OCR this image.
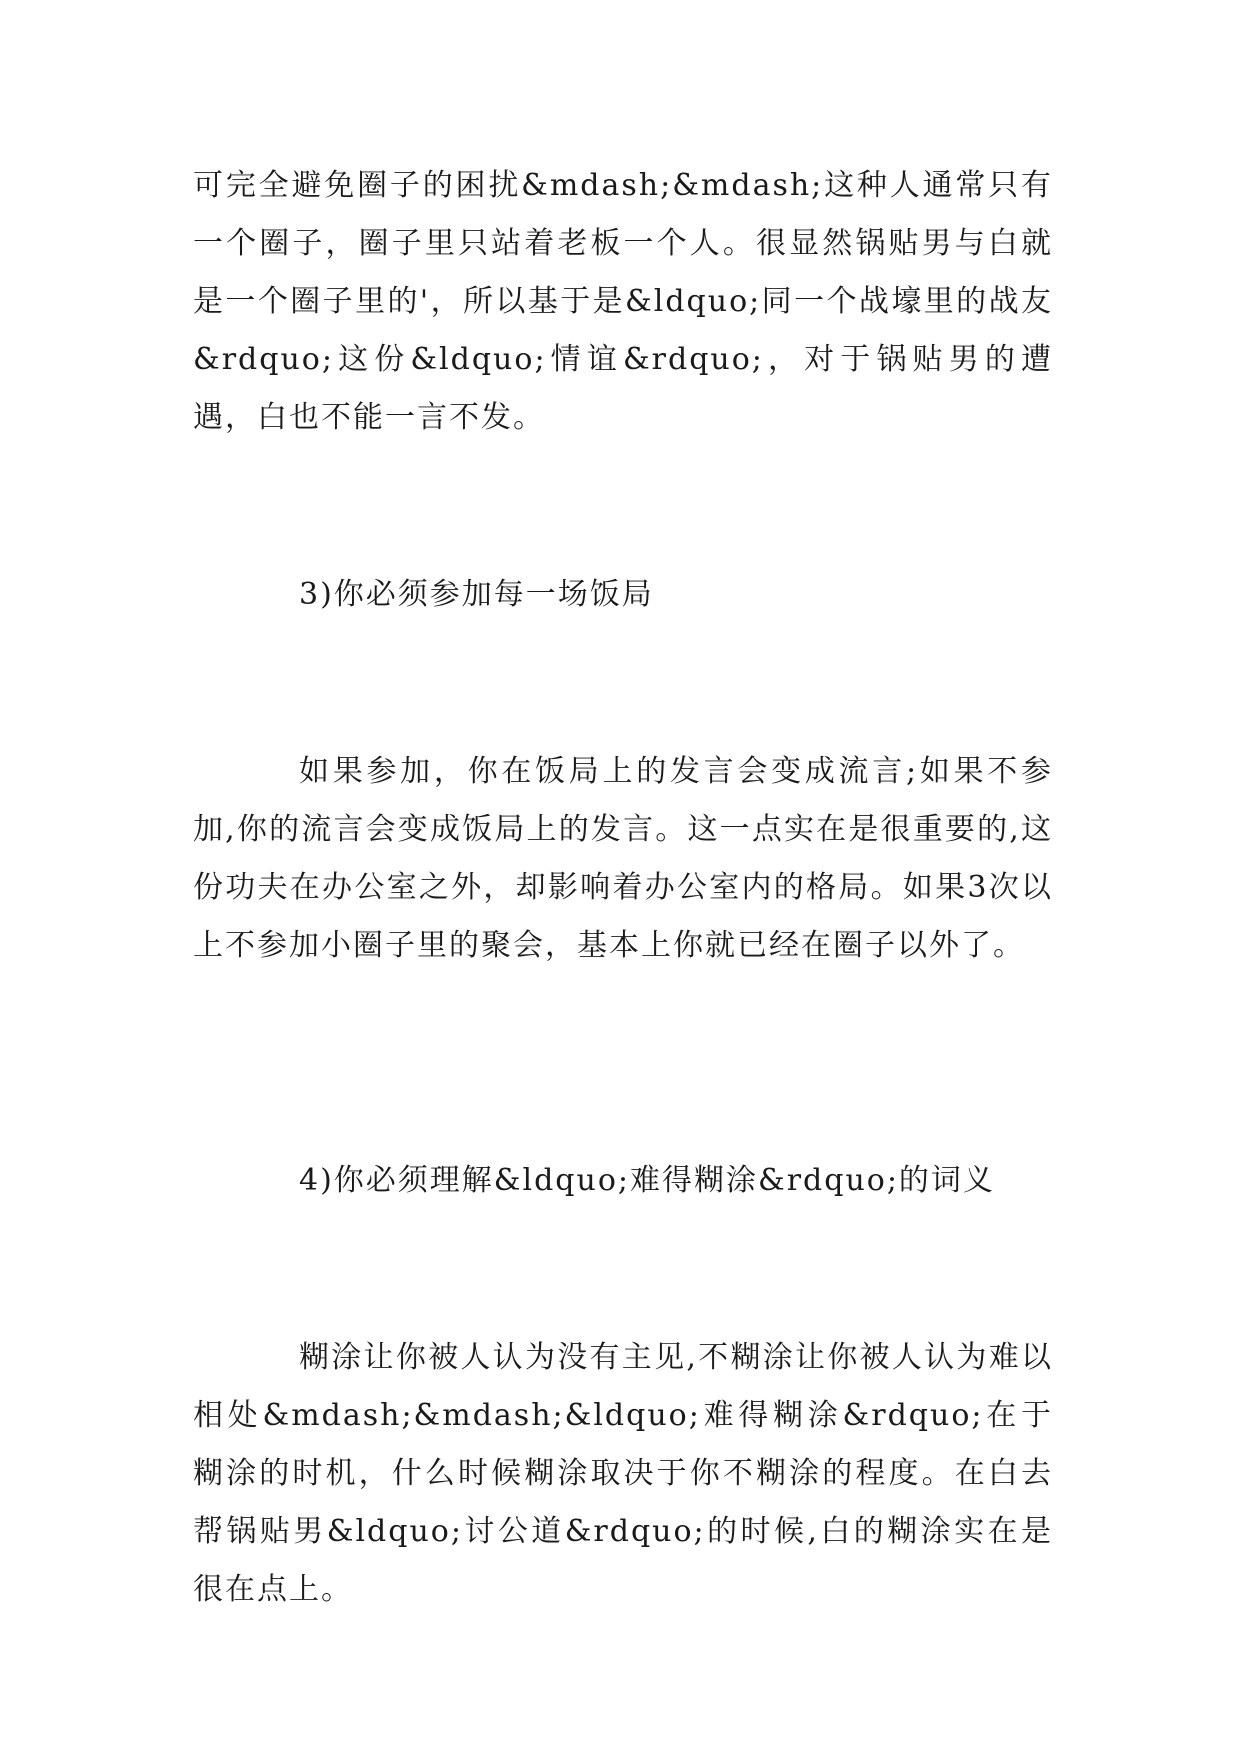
可完全避免圈子的困扰&mdash;&mdash;这种人通常只有一个圈子，圈子里只站着老板一个人。很显然锅贴男与白就是一个圈子里的'，所以基于是&ldquo;同一个战壕里的战友&rdquo;这份&ldquo;情谊&rdquo;，对于锅贴男的遭遇，白也不能一言不发。

3)你必须参加每一场饭局

如果参加，你在饭局上的发言会变成流言;如果不参加,你的流言会变成饭局上的发言。这一点实在是很重要的,这份功夫在办公室之外，却影响着办公室内的格局。如果3次以上不参加小圈子里的聚会，基本上你就已经在圈子以外了。

4)你必须理解&ldquo;难得糊涂&rdquo;的词义

糊涂让你被人认为没有主见,不糊涂让你被人认为难以相处&mdash;&mdash;&ldquo;难得糊涂&rdquo;在于糊涂的时机，什么时候糊涂取决于你不糊涂的程度。在白去帮锅贴男&ldquo;讨公道&rdquo;的时候,白的糊涂实在是很在点上。
